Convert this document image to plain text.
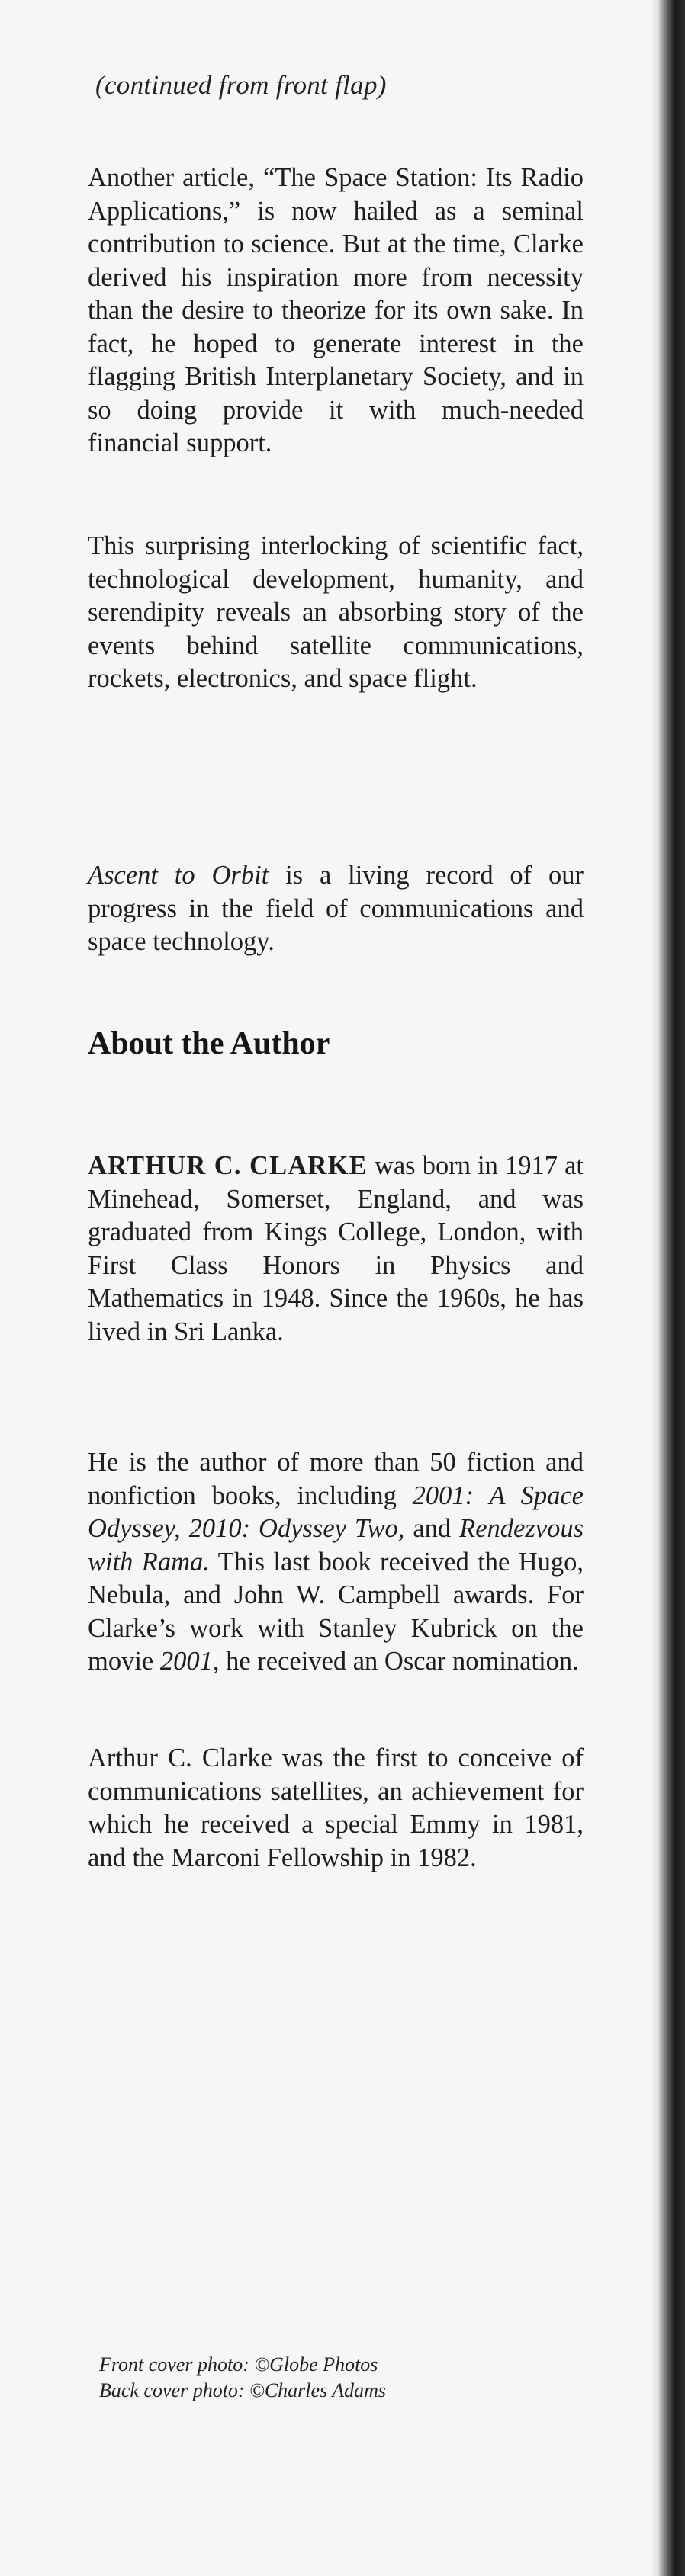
(continued from front flap)

Another article, “The Space Station: Its Radio Applications,” is now hailed as a seminal contribution to science. But at the time, Clarke derived his inspiration more from necessity than the desire to theorize for its own sake. In fact, he hoped to generate interest in the flagging British Interplanetary Society, and in so doing provide it with much-needed financial support.

This surprising interlocking of scientific fact, technological development, humanity, and serendipity reveals an absorbing story of the events behind satellite communications, rockets, electronics, and space flight.

Ascent to Orbit is a living record of our progress in the field of communications and space technology.

About the Author

ARTHUR C. CLARKE was born in 1917 at Minehead, Somerset, England, and was graduated from Kings College, London, with First Class Honors in Physics and Mathematics in 1948. Since the 1960s, he has lived in Sri Lanka.

He is the author of more than 50 fiction and nonfiction books, including 2001: A Space Odyssey, 2010: Odyssey Two, and Rendezvous with Rama. This last book received the Hugo, Nebula, and John W. Campbell awards. For Clarke’s work with Stanley Kubrick on the movie 2001, he received an Oscar nomination.

Arthur C. Clarke was the first to conceive of communications satellites, an achievement for which he received a special Emmy in 1981, and the Marconi Fellowship in 1982.

Front cover photo: ©Globe Photos
Back cover photo: ©Charles Adams
